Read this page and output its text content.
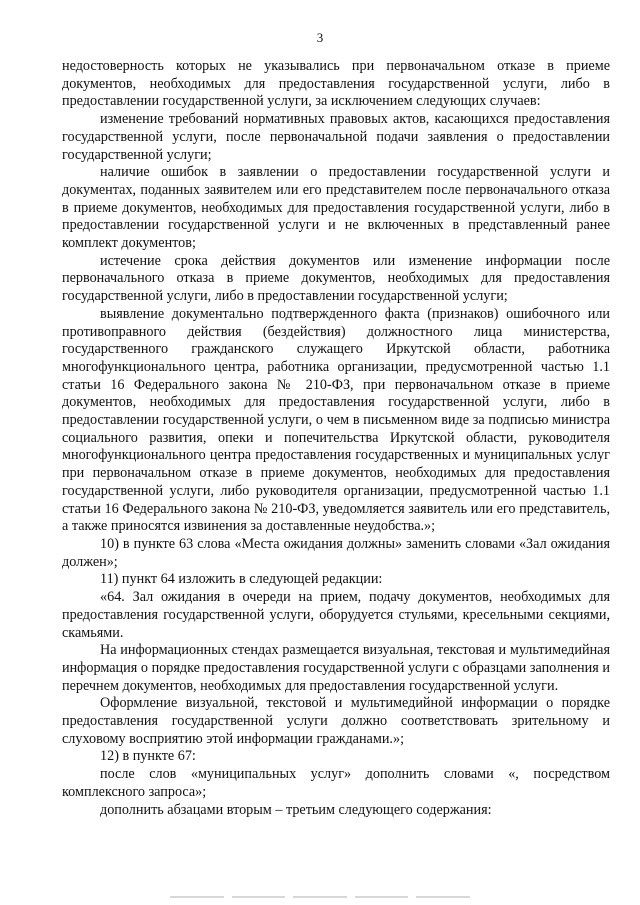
3

недостоверность которых не указывались при первоначальном отказе в приеме документов, необходимых для предоставления государственной услуги, либо в предоставлении государственной услуги, за исключением следующих случаев:

изменение требований нормативных правовых актов, касающихся предоставления государственной услуги, после первоначальной подачи заявления о предоставлении государственной услуги;

наличие ошибок в заявлении о предоставлении государственной услуги и документах, поданных заявителем или его представителем после первоначального отказа в приеме документов, необходимых для предоставления государственной услуги, либо в предоставлении государственной услуги и не включенных в представленный ранее комплект документов;

истечение срока действия документов или изменение информации после первоначального отказа в приеме документов, необходимых для предоставления государственной услуги, либо в предоставлении государственной услуги;

выявление документально подтвержденного факта (признаков) ошибочного или противоправного действия (бездействия) должностного лица министерства, государственного гражданского служащего Иркутской области, работника многофункционального центра, работника организации, предусмотренной частью 1.1 статьи 16 Федерального закона № 210-ФЗ, при первоначальном отказе в приеме документов, необходимых для предоставления государственной услуги, либо в предоставлении государственной услуги, о чем в письменном виде за подписью министра социального развития, опеки и попечительства Иркутской области, руководителя многофункционального центра предоставления государственных и муниципальных услуг при первоначальном отказе в приеме документов, необходимых для предоставления государственной услуги, либо руководителя организации, предусмотренной частью 1.1 статьи 16 Федерального закона № 210-ФЗ, уведомляется заявитель или его представитель, а также приносятся извинения за доставленные неудобства.»;

10) в пункте 63 слова «Места ожидания должны» заменить словами «Зал ожидания должен»;

11) пункт 64 изложить в следующей редакции:

«64. Зал ожидания в очереди на прием, подачу документов, необходимых для предоставления государственной услуги, оборудуется стульями, кресельными секциями, скамьями.

На информационных стендах размещается визуальная, текстовая и мультимедийная информация о порядке предоставления государственной услуги с образцами заполнения и перечнем документов, необходимых для предоставления государственной услуги.

Оформление визуальной, текстовой и мультимедийной информации о порядке предоставления государственной услуги должно соответствовать зрительному и слуховому восприятию этой информации гражданами.»;

12) в пункте 67:

после слов «муниципальных услуг» дополнить словами «, посредством комплексного запроса»;

дополнить абзацами вторым – третьим следующего содержания:
